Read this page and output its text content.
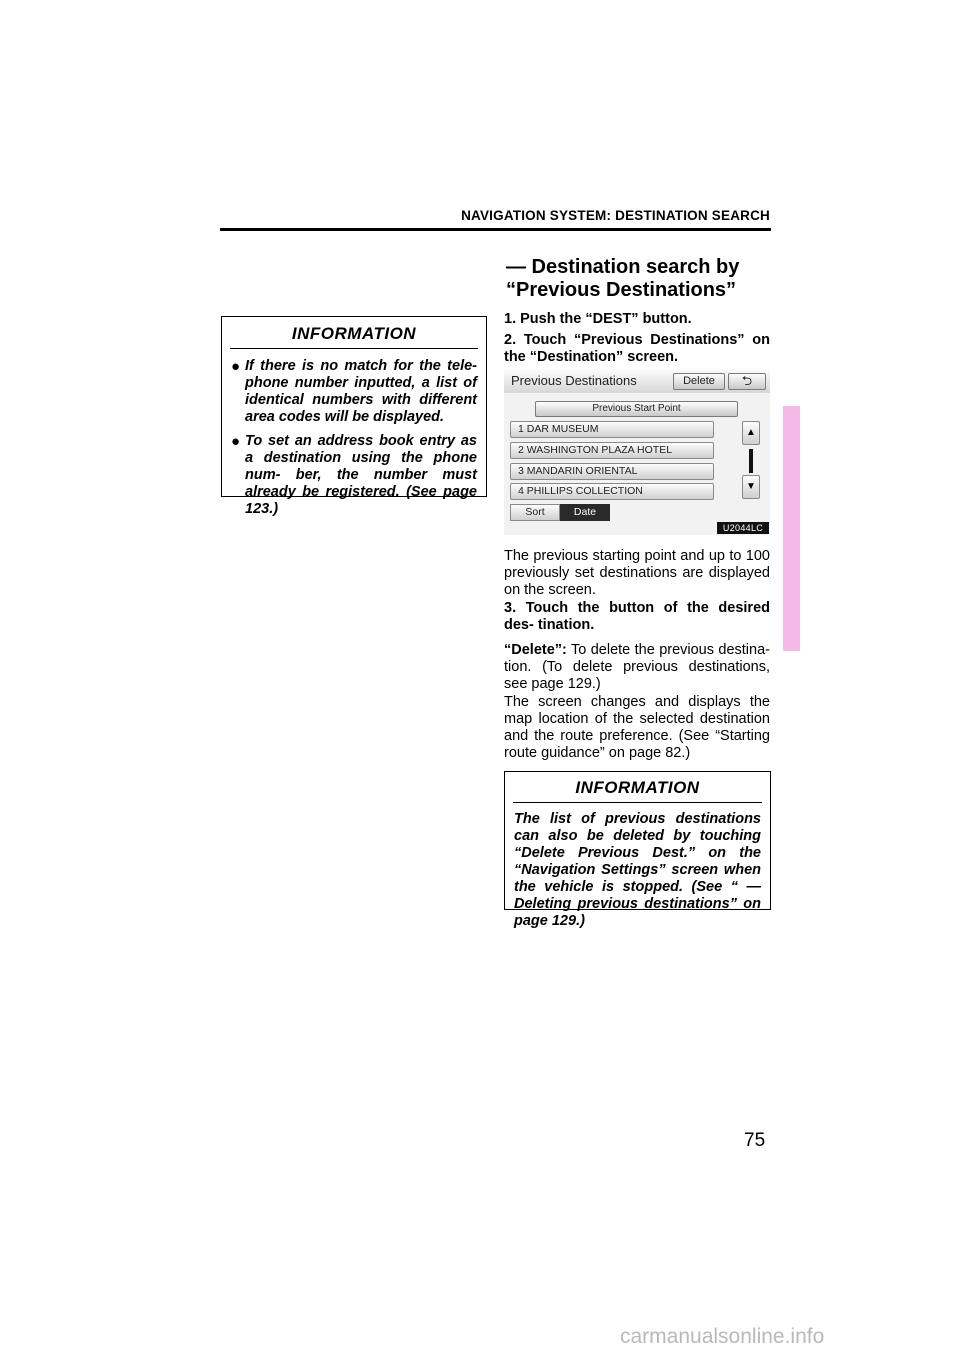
NAVIGATION SYSTEM: DESTINATION SEARCH
INFORMATION
● If there is no match for the tele- phone number inputted, a list of identical numbers with different area codes will be displayed.
● To set an address book entry as a destination using the phone num- ber, the number must already be registered. (See page 123.)
— Destination search by
“Previous Destinations”
1. Push the “DEST” button.
2. Touch “Previous Destinations” on the “Destination” screen.
Previous Destinations	Delete	⮌
Previous Start Point
1 DAR MUSEUM
2 WASHINGTON PLAZA HOTEL
3 MANDARIN ORIENTAL
4 PHILLIPS COLLECTION
▲
▼
Sort	Date
U2044LC
The previous starting point and up to 100 previously set destinations are displayed on the screen.
3. Touch the button of the desired des- tination.
“Delete”: To delete the previous destina- tion. (To delete previous destinations, see page 129.)
The screen changes and displays the map location of the selected destination and the route preference. (See “Starting route guidance” on page 82.)
INFORMATION
The list of previous destinations can also be deleted by touching “Delete Previous Dest.” on the “Navigation Settings” screen when the vehicle is stopped. (See “ — Deleting previous destinations” on page 129.)
75
carmanualsonline.info
